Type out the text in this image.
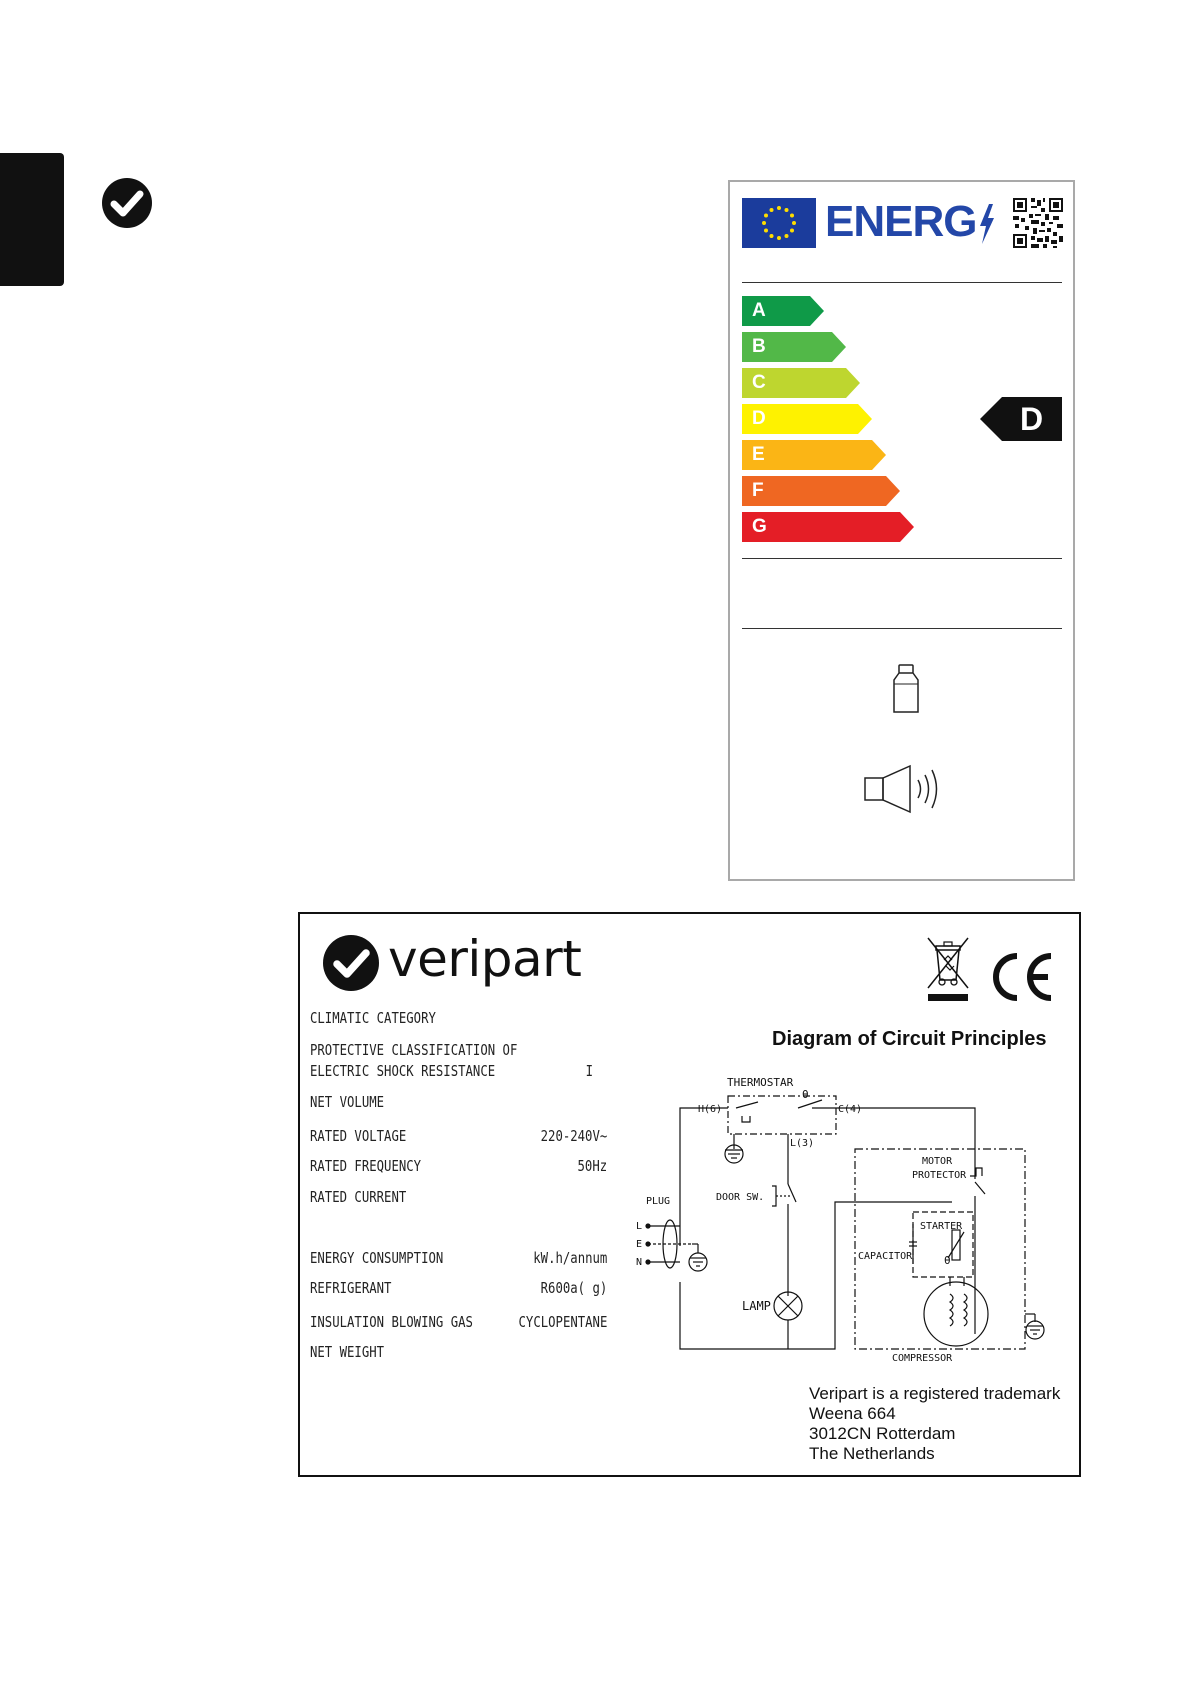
ENERG
A
B
C
D
E
F
G
D
veripart
CLIMATIC CATEGORY
PROTECTIVE CLASSIFICATION OF
ELECTRIC SHOCK RESISTANCE	I
NET VOLUME
RATED VOLTAGE	220-240V~
RATED FREQUENCY	50Hz
RATED CURRENT
ENERGY CONSUMPTION	kW.h/annum
REFRIGERANT	R600a( g)
INSULATION BLOWING GAS	CYCLOPENTANE
NET WEIGHT
Diagram of Circuit Principles
THERMOSTAR
H(6)	C(4)
θ
L(3)
MOTOR
PROTECTOR
PLUG
L
E
N
DOOR SW.
STARTER
CAPACITOR	θ
LAMP
COMPRESSOR
Veripart is a registered trademark
Weena 664
3012CN Rotterdam
The Netherlands
